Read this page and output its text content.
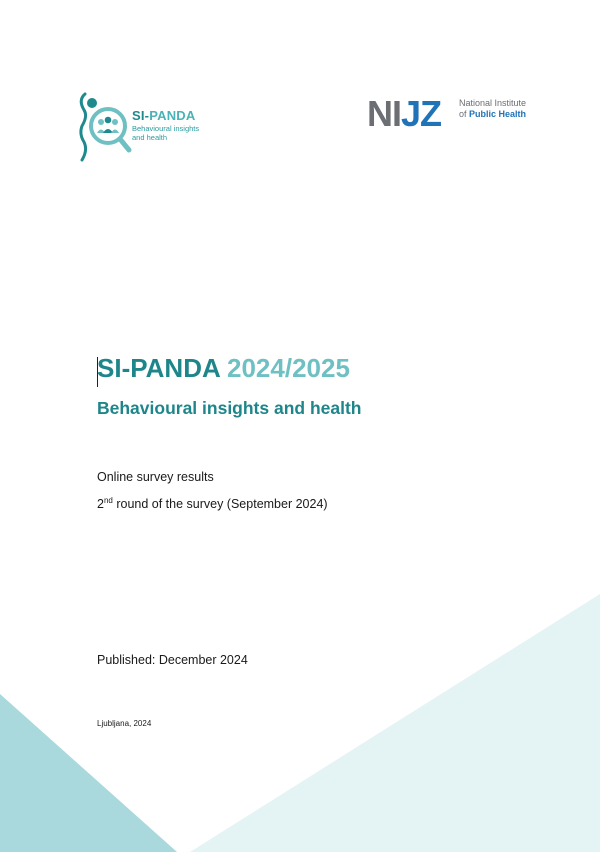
SI-PANDA
Behavioural insights
and health
NIJZ National Institute
of Public Health
SI-PANDA 2024/2025
Behavioural insights and health
Online survey results
2nd round of the survey (September 2024)
Published: December 2024
Ljubljana, 2024
